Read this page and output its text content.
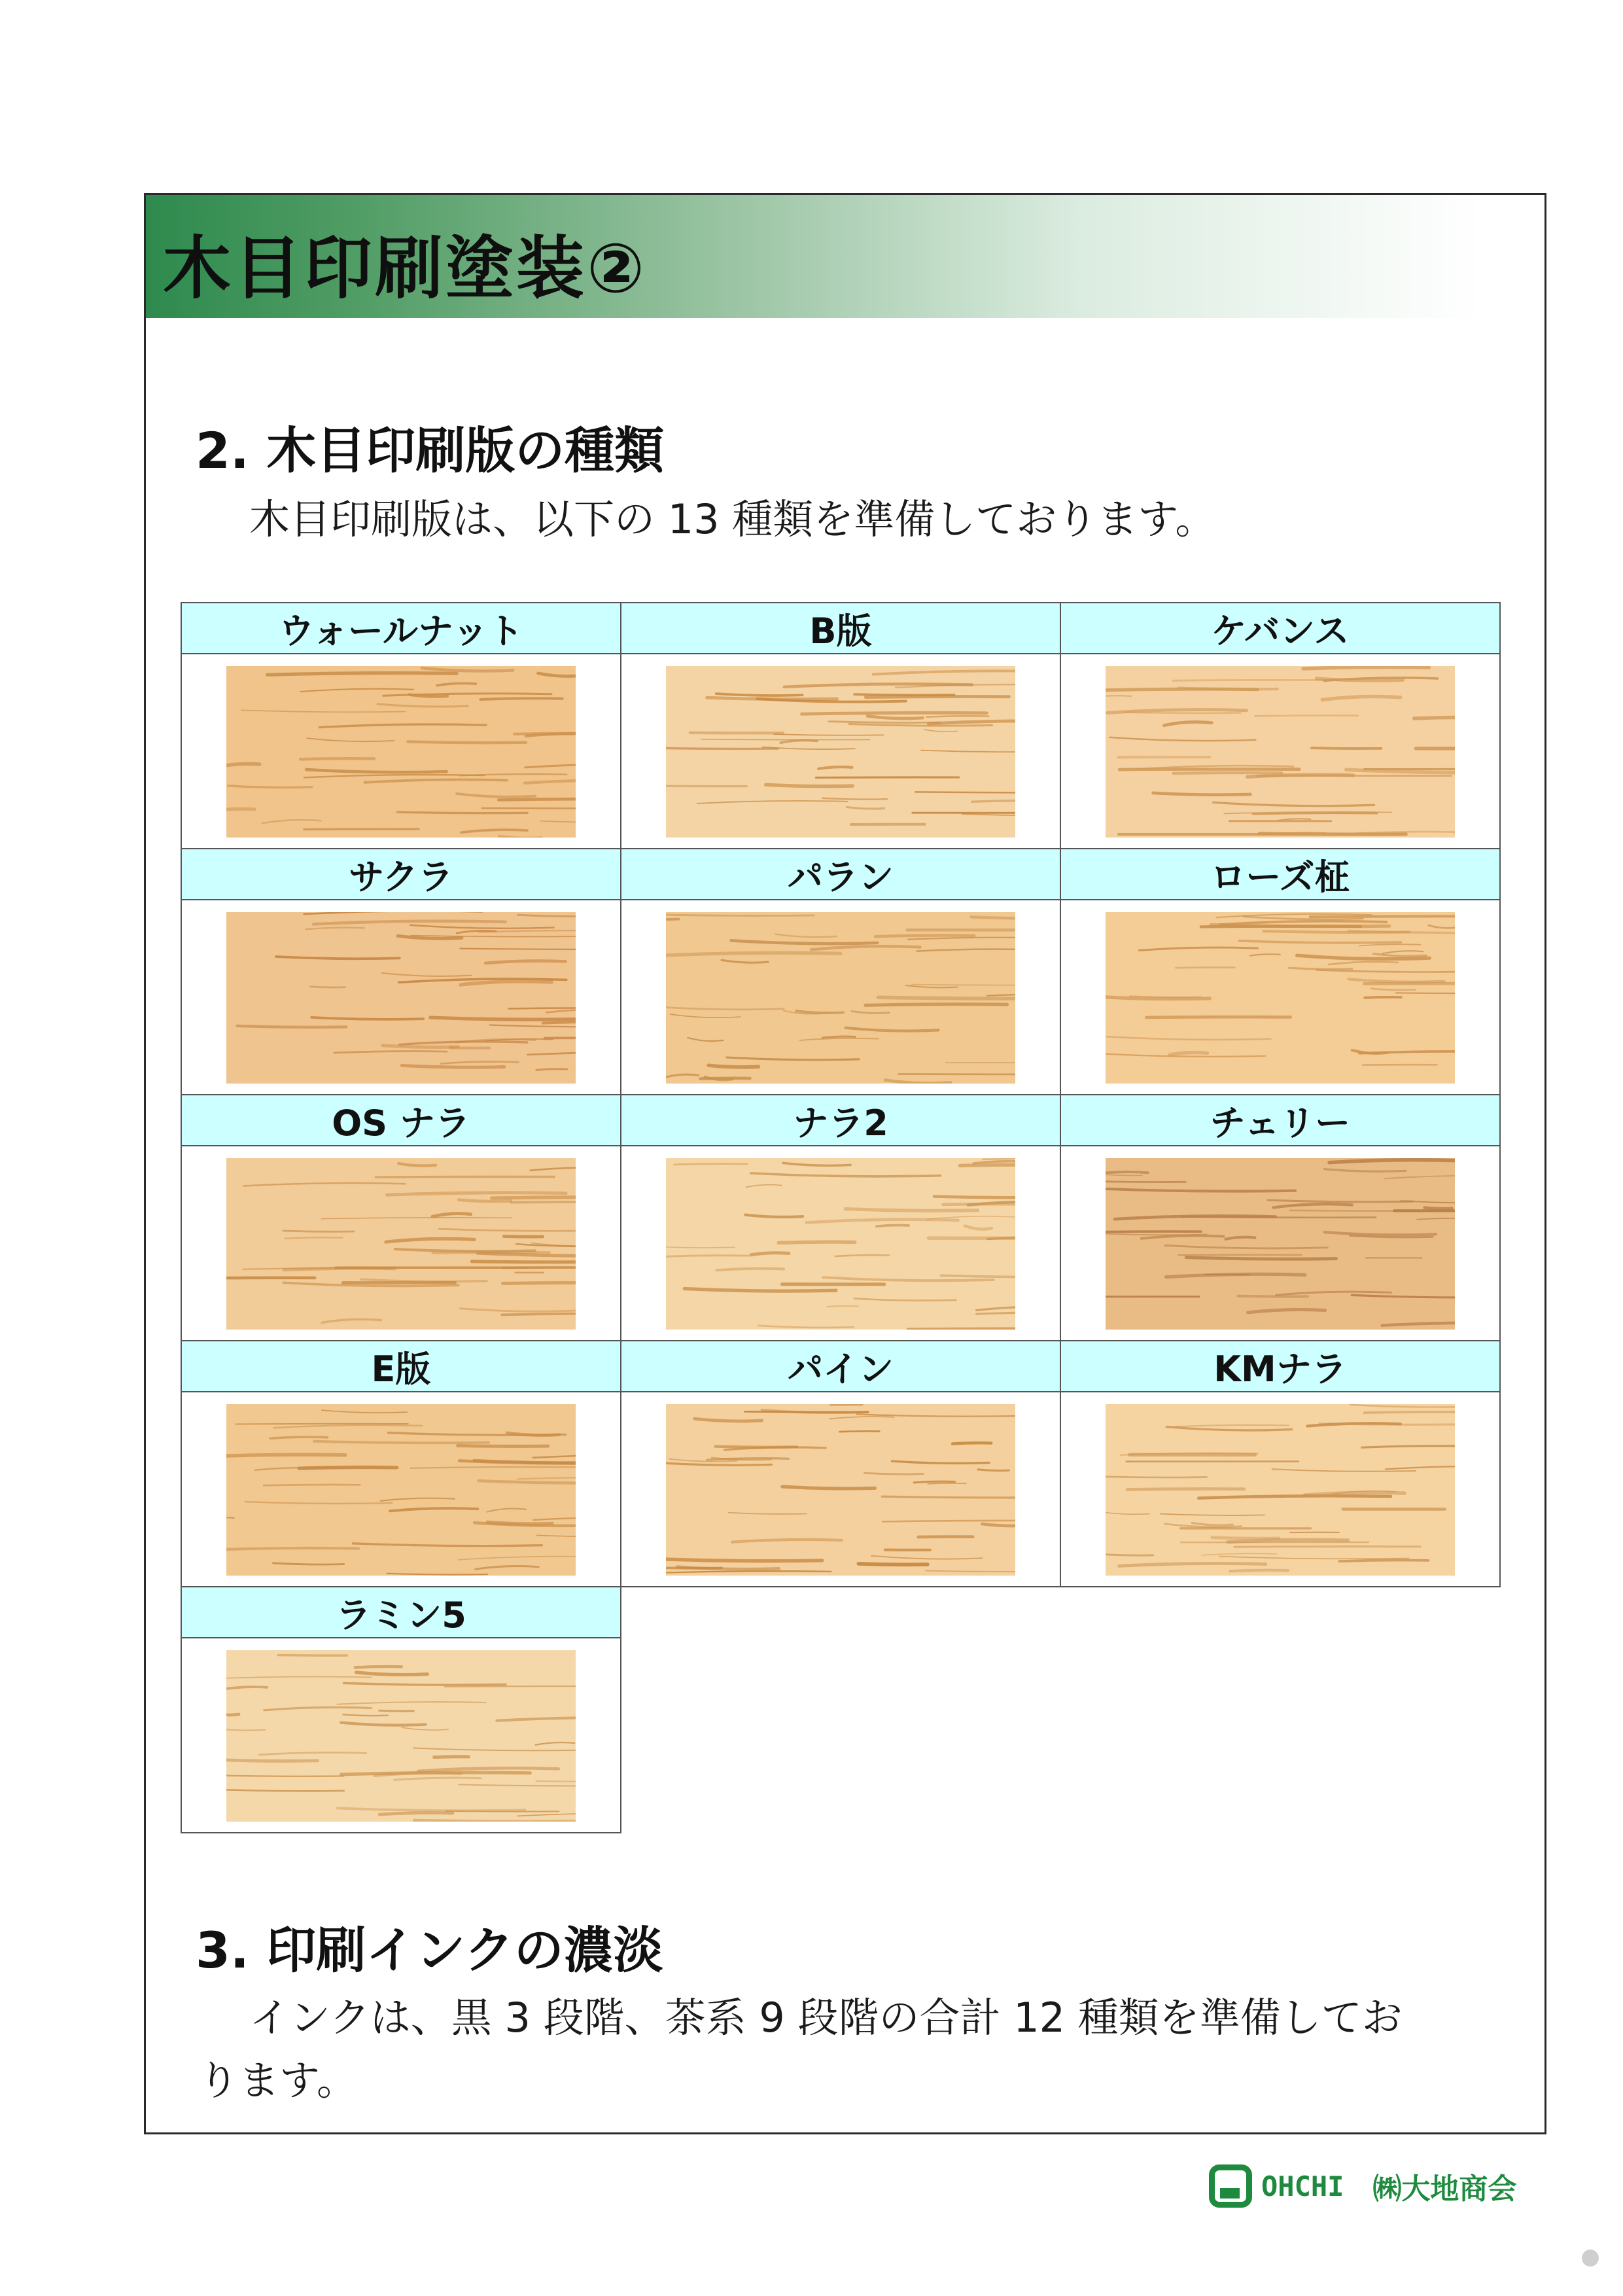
木目印刷塗装②
2. 木目印刷版の種類
木目印刷版は、以下の 13 種類を準備しております。
ウォールナット	B版	ケバンス
サクラ	パラン	ローズ柾
OS ナラ	ナラ2	チェリー
E版	パイン	KMナラ
ラミン5
3. 印刷インクの濃淡
インクは、黒 3 段階、茶系 9 段階の合計 12 種類を準備してお
ります。
OHCHI ㈱大地商会
